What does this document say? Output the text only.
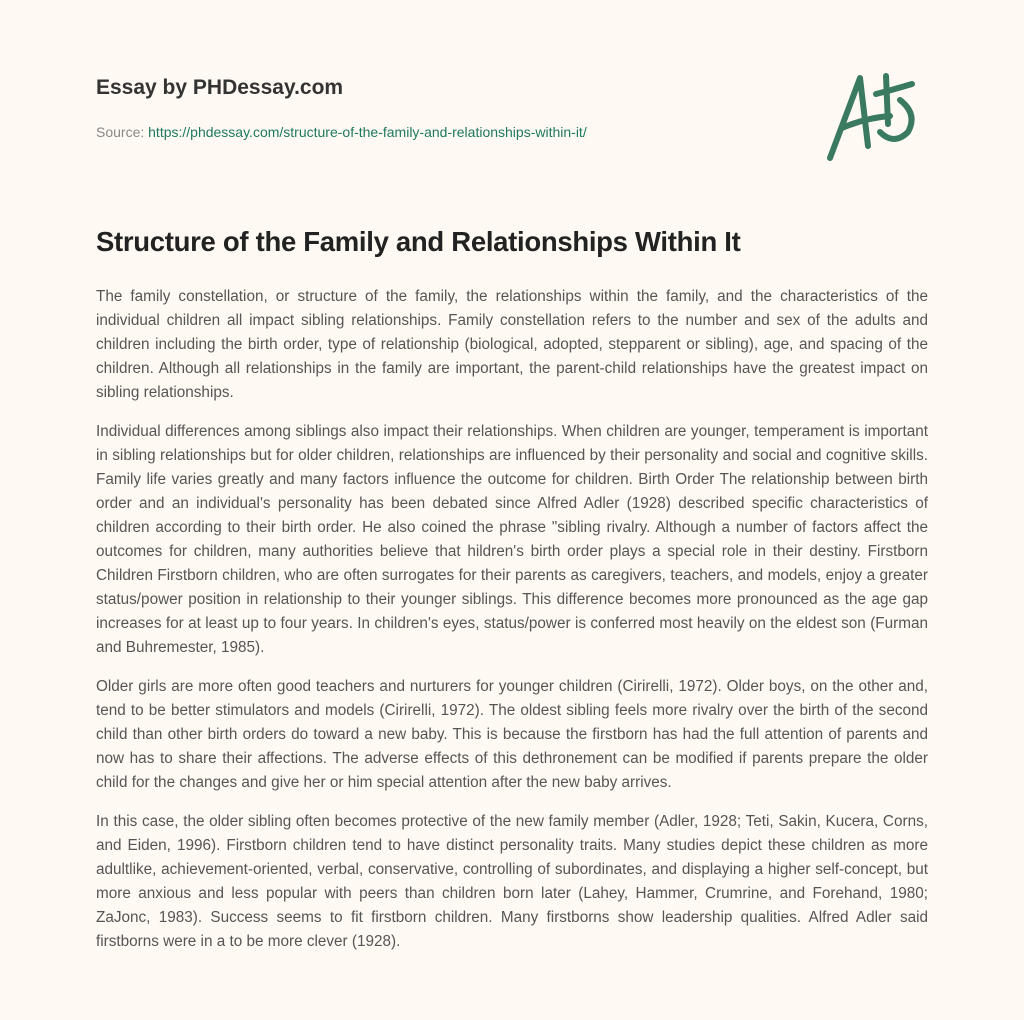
Essay by PHDessay.com
Source: https://phdessay.com/structure-of-the-family-and-relationships-within-it/
Structure of the Family and Relationships Within It

The family constellation, or structure of the family, the relationships within the family, and the characteristics of the individual children all impact sibling relationships. Family constellation refers to the number and sex of the adults and children including the birth order, type of relationship (biological, adopted, stepparent or sibling), age, and spacing of the children. Although all relationships in the family are important, the parent-child relationships have the greatest impact on sibling relationships.

Individual differences among siblings also impact their relationships. When children are younger, temperament is important in sibling relationships but for older children, relationships are influenced by their personality and social and cognitive skills. Family life varies greatly and many factors influence the outcome for children. Birth Order The relationship between birth order and an individual's personality has been debated since Alfred Adler (1928) described specific characteristics of children according to their birth order. He also coined the phrase "sibling rivalry. Although a number of factors affect the outcomes for children, many authorities believe that hildren's birth order plays a special role in their destiny. Firstborn Children Firstborn children, who are often surrogates for their parents as caregivers, teachers, and models, enjoy a greater status/power position in relationship to their younger siblings. This difference becomes more pronounced as the age gap increases for at least up to four years. In children's eyes, status/power is conferred most heavily on the eldest son (Furman and Buhremester, 1985).

Older girls are more often good teachers and nurturers for younger children (Cirirelli, 1972). Older boys, on the other and, tend to be better stimulators and models (Cirirelli, 1972). The oldest sibling feels more rivalry over the birth of the second child than other birth orders do toward a new baby. This is because the firstborn has had the full attention of parents and now has to share their affections. The adverse effects of this dethronement can be modified if parents prepare the older child for the changes and give her or him special attention after the new baby arrives.

In this case, the older sibling often becomes protective of the new family member (Adler, 1928; Teti, Sakin, Kucera, Corns, and Eiden, 1996). Firstborn children tend to have distinct personality traits. Many studies depict these children as more adultlike, achievement-oriented, verbal, conservative, controlling of subordinates, and displaying a higher self-concept, but more anxious and less popular with peers than children born later (Lahey, Hammer, Crumrine, and Forehand, 1980; ZaJonc, 1983). Success seems to fit firstborn children. Many firstborns show leadership qualities. Alfred Adler said firstborns were in a to be more clever (1928).
